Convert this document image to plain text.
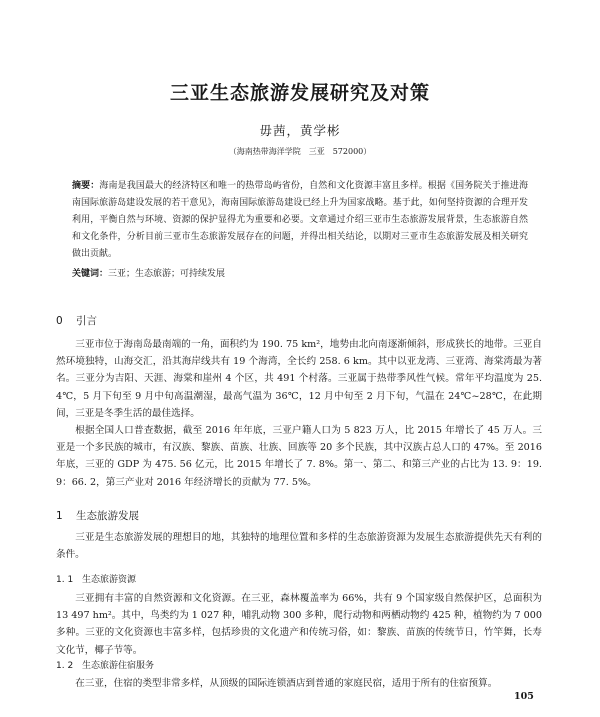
三亚生态旅游发展研究及对策
毋茜，黄学彬
（海南热带海洋学院　三亚　572000）
摘要：海南是我国最大的经济特区和唯一的热带岛屿省份，自然和文化资源丰富且多样。根据《国务院关于推进海南国际旅游岛建设发展的若干意见》，海南国际旅游岛建设已经上升为国家战略。基于此，如何坚持资源的合理开发利用，平衡自然与环境、资源的保护显得尤为重要和必要。文章通过介绍三亚市生态旅游发展背景，生态旅游自然和文化条件，分析目前三亚市生态旅游发展存在的问题，并得出相关结论，以期对三亚市生态旅游发展及相关研究做出贡献。
关键词：三亚；生态旅游；可持续发展
0 引言
三亚市位于海南岛最南端的一角，面积约为 190. 75 km²，地势由北向南逐渐倾斜，形成狭长的地带。三亚自然环境独特，山海交汇，沿其海岸线共有 19 个海湾，全长约 258. 6 km。其中以亚龙湾、三亚湾、海棠湾最为著名。三亚分为吉阳、天涯、海棠和崖州 4 个区，共 491 个村落。三亚属于热带季风性气候。常年平均温度为 25. 4℃，5 月下旬至 9 月中旬高温潮湿，最高气温为 36℃，12 月中旬至 2 月下旬，气温在 24℃~28℃，在此期间，三亚是冬季生活的最佳选择。
根据全国人口普查数据，截至 2016 年年底，三亚户籍人口为 5 823 万人，比 2015 年增长了 45 万人。三亚是一个多民族的城市，有汉族、黎族、苗族、壮族、回族等 20 多个民族，其中汉族占总人口的 47%。至 2016 年底，三亚的 GDP 为 475. 56 亿元，比 2015 年增长了 7. 8%。第一、第二、和第三产业的占比为 13. 9：19. 9：66. 2，第三产业对 2016 年经济增长的贡献为 77. 5%。
1 生态旅游发展
三亚是生态旅游发展的理想目的地，其独特的地理位置和多样的生态旅游资源为发展生态旅游提供先天有利的条件。
1. 1 生态旅游资源
三亚拥有丰富的自然资源和文化资源。在三亚，森林覆盖率为 66%，共有 9 个国家级自然保护区，总面积为 13 497 hm²。其中，鸟类约为 1 027 种，哺乳动物 300 多种，爬行动物和两栖动物约 425 种，植物约为 7 000 多种。三亚的文化资源也丰富多样，包括珍贵的文化遗产和传统习俗，如：黎族、苗族的传统节日，竹竿舞，长寿文化节，椰子节等。
1. 2 生态旅游住宿服务
在三亚，住宿的类型非常多样，从顶级的国际连锁酒店到普通的家庭民宿，适用于所有的住宿预算。
105
